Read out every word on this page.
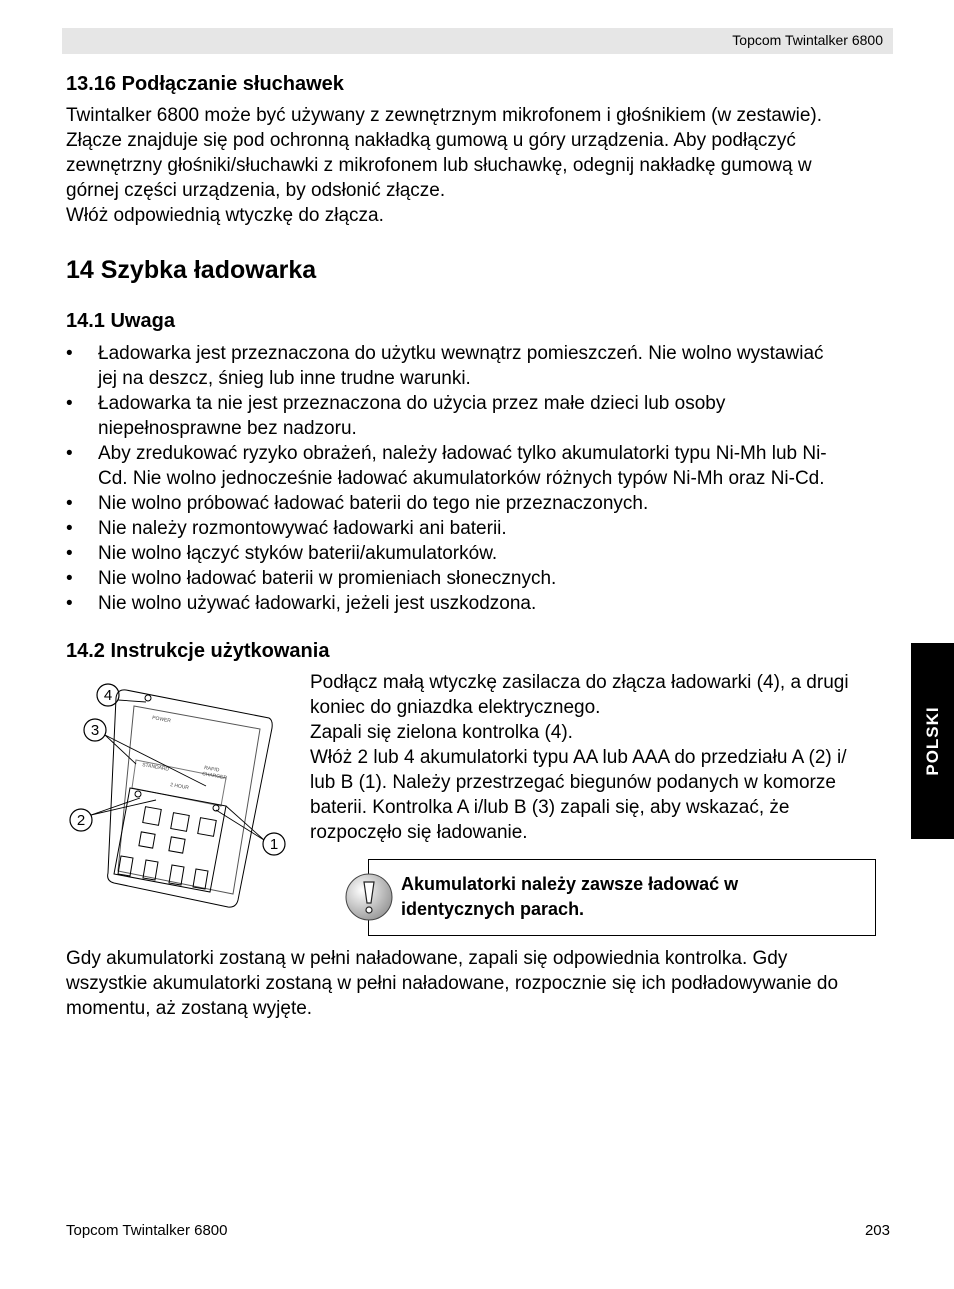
Topcom Twintalker 6800
13.16 Podłączanie słuchawek
Twintalker 6800 może być używany z zewnętrznym mikrofonem i głośnikiem (w zestawie).
Złącze znajduje się pod ochronną nakładką gumową u góry urządzenia. Aby podłączyć
zewnętrzny głośniki/słuchawki z mikrofonem lub słuchawkę, odegnij nakładkę gumową w
górnej części urządzenia, by odsłonić złącze.
Włóż odpowiednią wtyczkę do złącza.
14 Szybka ładowarka
14.1 Uwaga
• Ładowarka jest przeznaczona do użytku wewnątrz pomieszczeń. Nie wolno wystawiać
jej na deszcz, śnieg lub inne trudne warunki.
• Ładowarka ta nie jest przeznaczona do użycia przez małe dzieci lub osoby
niepełnosprawne bez nadzoru.
• Aby zredukować ryzyko obrażeń, należy ładować tylko akumulatorki typu Ni-Mh lub Ni-
Cd. Nie wolno jednocześnie ładować akumulatorków różnych typów Ni-Mh oraz Ni-Cd.
• Nie wolno próbować ładować baterii do tego nie przeznaczonych.
• Nie należy rozmontowywać ładowarki ani baterii.
• Nie wolno łączyć styków baterii/akumulatorków.
• Nie wolno ładować baterii w promieniach słonecznych.
• Nie wolno używać ładowarki, jeżeli jest uszkodzona.
14.2 Instrukcje użytkowania
4
3
2
1
POWER
RAPID
CHARGER
2 HOUR
STANDARD
Podłącz małą wtyczkę zasilacza do złącza ładowarki (4), a drugi
koniec do gniazdka elektrycznego.
Zapali się zielona kontrolka (4).
Włóż 2 lub 4 akumulatorki typu AA lub AAA do przedziału A (2) i/
lub B (1). Należy przestrzegać biegunów podanych w komorze
baterii. Kontrolka A i/lub B (3) zapali się, aby wskazać, że
rozpoczęło się ładowanie.
Akumulatorki należy zawsze ładować w
identycznych parach.
Gdy akumulatorki zostaną w pełni naładowane, zapali się odpowiednia kontrolka. Gdy
wszystkie akumulatorki zostaną w pełni naładowane, rozpocznie się ich podładowywanie do
momentu, aż zostaną wyjęte.
POLSKI
Topcom Twintalker 6800	203
